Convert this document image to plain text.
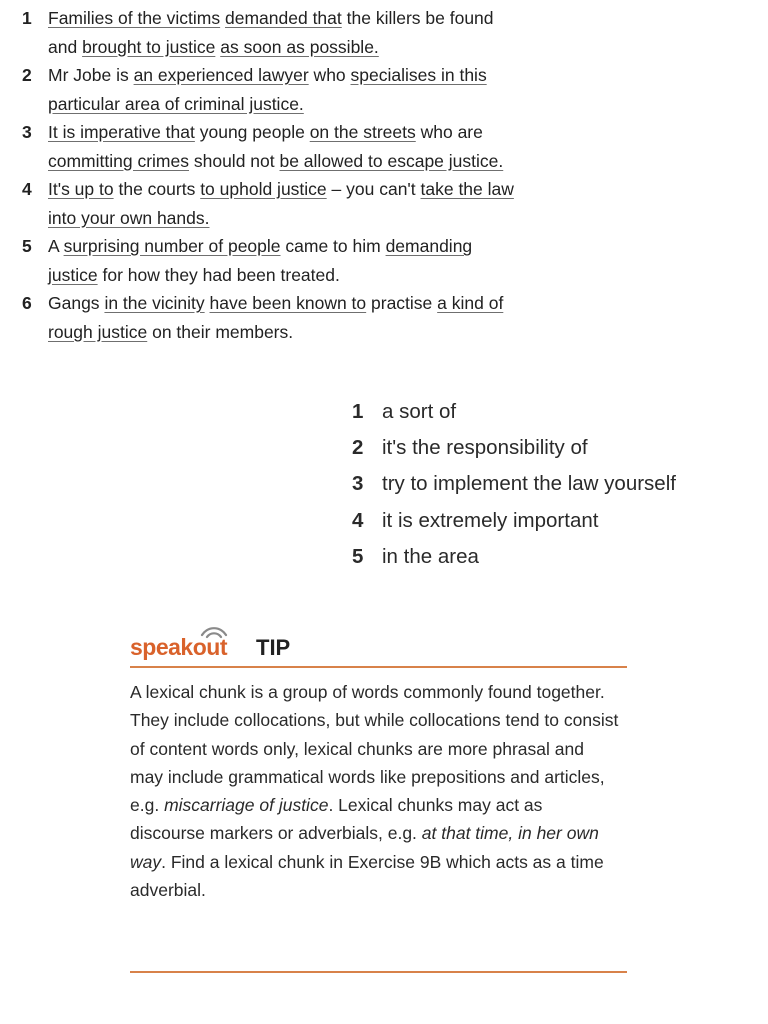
1 Families of the victims demanded that the killers be found and brought to justice as soon as possible.
2 Mr Jobe is an experienced lawyer who specialises in this particular area of criminal justice.
3 It is imperative that young people on the streets who are committing crimes should not be allowed to escape justice.
4 It's up to the courts to uphold justice – you can't take the law into your own hands.
5 A surprising number of people came to him demanding justice for how they had been treated.
6 Gangs in the vicinity have been known to practise a kind of rough justice on their members.
1 a sort of
2 it's the responsibility of
3 try to implement the law yourself
4 it is extremely important
5 in the area
speakout TIP
A lexical chunk is a group of words commonly found together. They include collocations, but while collocations tend to consist of content words only, lexical chunks are more phrasal and may include grammatical words like prepositions and articles, e.g. miscarriage of justice. Lexical chunks may act as discourse markers or adverbials, e.g. at that time, in her own way. Find a lexical chunk in Exercise 9B which acts as a time adverbial.
